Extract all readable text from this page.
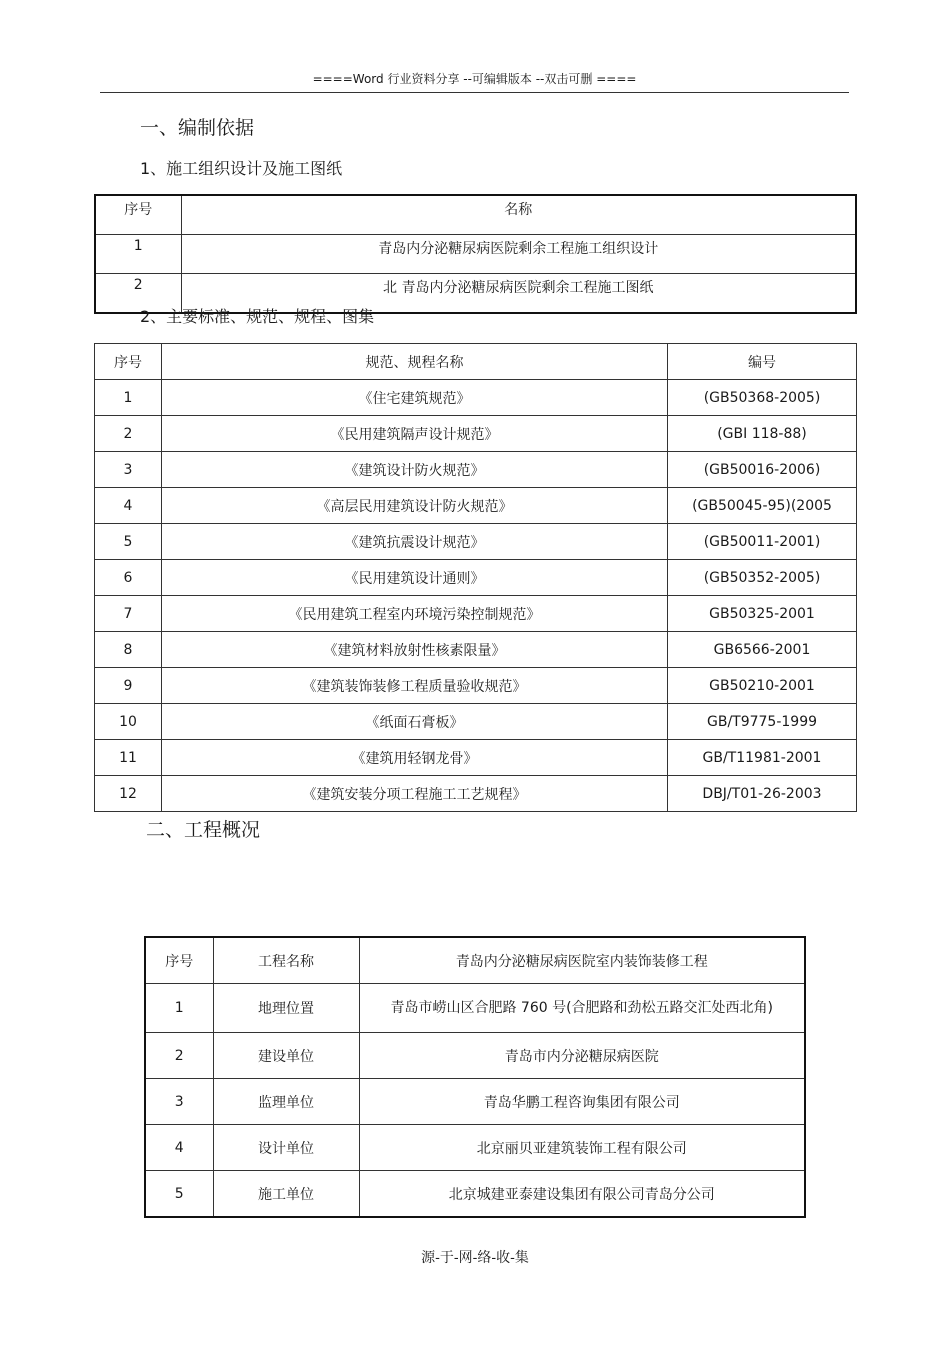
====Word 行业资料分享 --可编辑版本 --双击可删 ====
一、编制依据
1、施工组织设计及施工图纸
序号	名称
1	青岛内分泌糖尿病医院剩余工程施工组织设计
2	北 青岛内分泌糖尿病医院剩余工程施工图纸
2、主要标准、规范、规程、图集
序号	规范、规程名称	编号
1	《住宅建筑规范》	(GB50368-2005)
2	《民用建筑隔声设计规范》	(GBI 118-88)
3	《建筑设计防火规范》	(GB50016-2006)
4	《高层民用建筑设计防火规范》	(GB50045-95)(2005
5	《建筑抗震设计规范》	(GB50011-2001)
6	《民用建筑设计通则》	(GB50352-2005)
7	《民用建筑工程室内环境污染控制规范》	GB50325-2001
8	《建筑材料放射性核素限量》	GB6566-2001
9	《建筑装饰装修工程质量验收规范》	GB50210-2001
10	《纸面石膏板》	GB/T9775-1999
11	《建筑用轻钢龙骨》	GB/T11981-2001
12	《建筑安装分项工程施工工艺规程》	DBJ/T01-26-2003
二、工程概况
序号	工程名称	青岛内分泌糖尿病医院室内装饰装修工程
1	地理位置	青岛市崂山区合肥路 760 号(合肥路和劲松五路交汇处西北角)
2	建设单位	青岛市内分泌糖尿病医院
3	监理单位	青岛华鹏工程咨询集团有限公司
4	设计单位	北京丽贝亚建筑装饰工程有限公司
5	施工单位	北京城建亚泰建设集团有限公司青岛分公司
源-于-网-络-收-集
